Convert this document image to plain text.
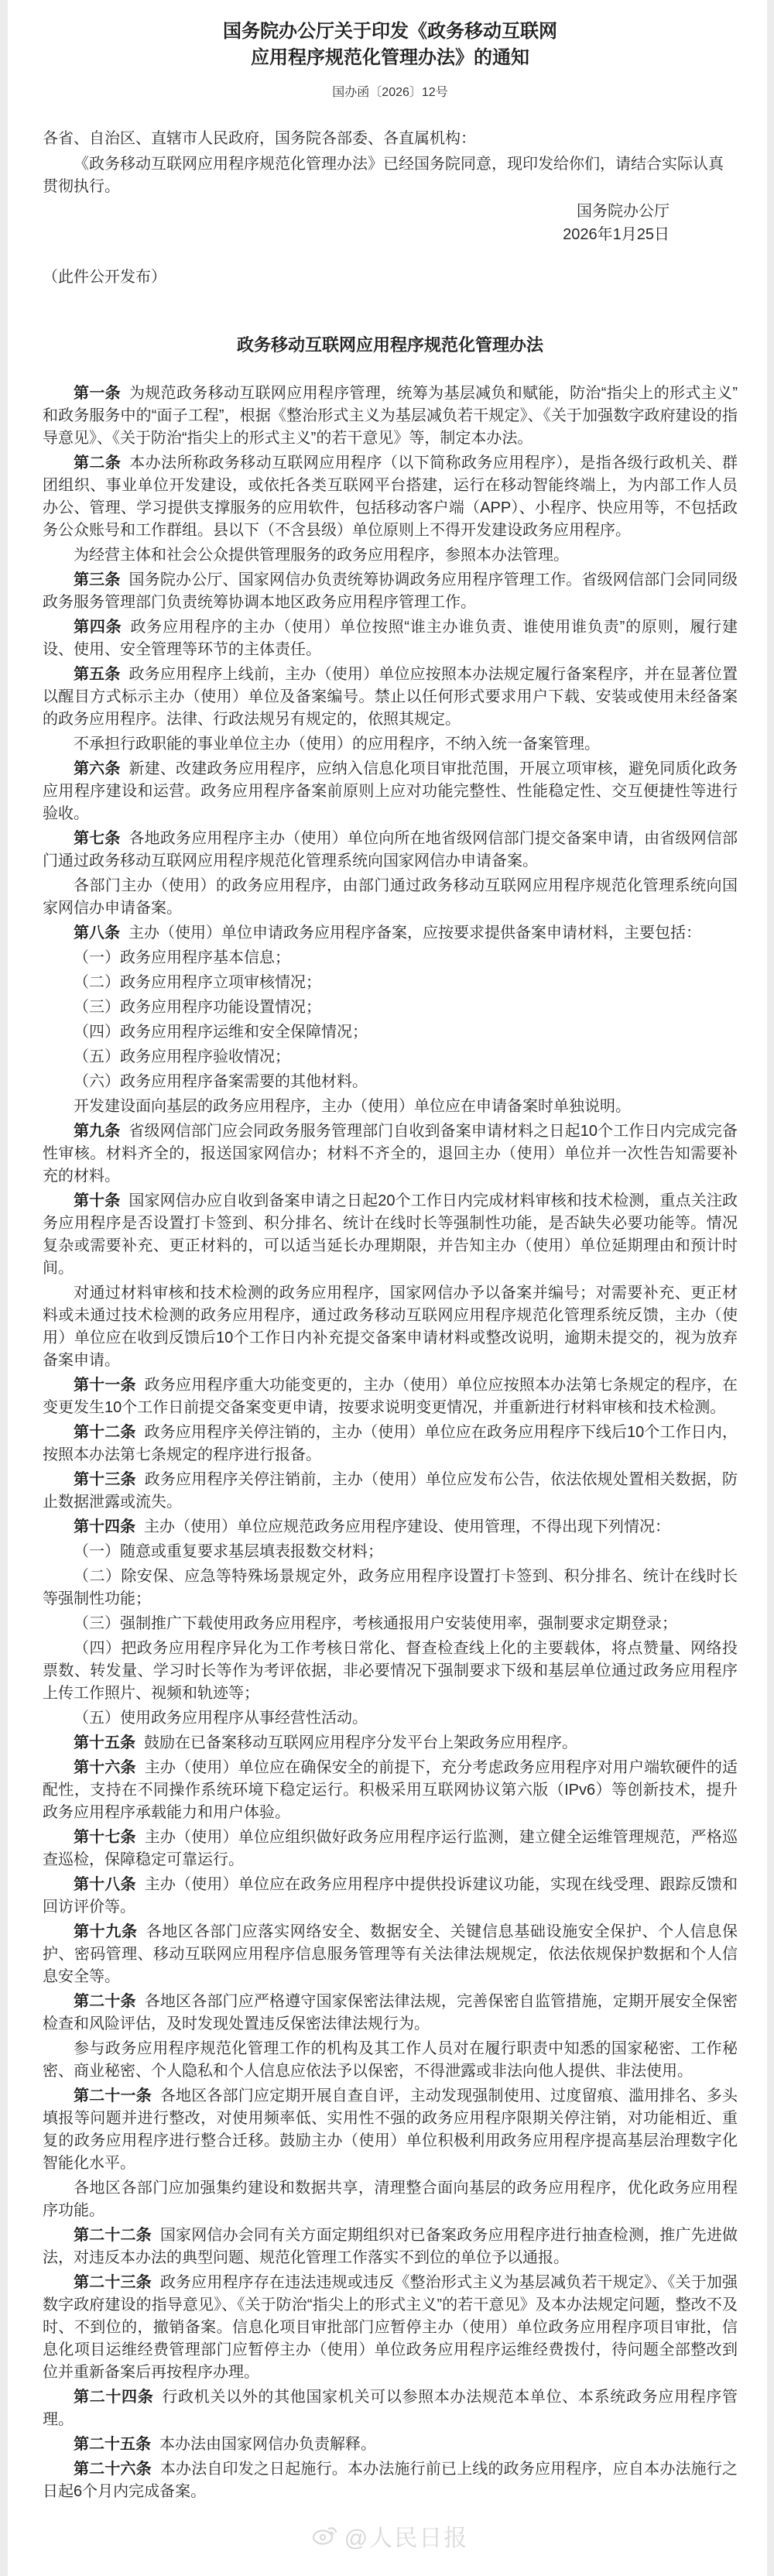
国务院办公厅关于印发《政务移动互联网
应用程序规范化管理办法》的通知
国办函〔2026〕12号
各省、自治区、直辖市人民政府，国务院各部委、各直属机构：
《政务移动互联网应用程序规范化管理办法》已经国务院同意，现印发给你们，请结合实际认真贯彻执行。
国务院办公厅
2026年1月25日
（此件公开发布）
政务移动互联网应用程序规范化管理办法

第一条 为规范政务移动互联网应用程序管理，统筹为基层减负和赋能，防治“指尖上的形式主义”和政务服务中的“面子工程”，根据《整治形式主义为基层减负若干规定》、《关于加强数字政府建设的指导意见》、《关于防治“指尖上的形式主义”的若干意见》等，制定本办法。

第二条 本办法所称政务移动互联网应用程序（以下简称政务应用程序），是指各级行政机关、群团组织、事业单位开发建设，或依托各类互联网平台搭建，运行在移动智能终端上，为内部工作人员办公、管理、学习提供支撑服务的应用软件，包括移动客户端（APP）、小程序、快应用等，不包括政务公众账号和工作群组。县以下（不含县级）单位原则上不得开发建设政务应用程序。

为经营主体和社会公众提供管理服务的政务应用程序，参照本办法管理。

第三条 国务院办公厅、国家网信办负责统筹协调政务应用程序管理工作。省级网信部门会同同级政务服务管理部门负责统筹协调本地区政务应用程序管理工作。

第四条 政务应用程序的主办（使用）单位按照“谁主办谁负责、谁使用谁负责”的原则，履行建设、使用、安全管理等环节的主体责任。

第五条 政务应用程序上线前，主办（使用）单位应按照本办法规定履行备案程序，并在显著位置以醒目方式标示主办（使用）单位及备案编号。禁止以任何形式要求用户下载、安装或使用未经备案的政务应用程序。法律、行政法规另有规定的，依照其规定。

不承担行政职能的事业单位主办（使用）的应用程序，不纳入统一备案管理。

第六条 新建、改建政务应用程序，应纳入信息化项目审批范围，开展立项审核，避免同质化政务应用程序建设和运营。政务应用程序备案前原则上应对功能完整性、性能稳定性、交互便捷性等进行验收。

第七条 各地政务应用程序主办（使用）单位向所在地省级网信部门提交备案申请，由省级网信部门通过政务移动互联网应用程序规范化管理系统向国家网信办申请备案。

各部门主办（使用）的政务应用程序，由部门通过政务移动互联网应用程序规范化管理系统向国家网信办申请备案。

第八条 主办（使用）单位申请政务应用程序备案，应按要求提供备案申请材料，主要包括：

（一）政务应用程序基本信息；

（二）政务应用程序立项审核情况；

（三）政务应用程序功能设置情况；

（四）政务应用程序运维和安全保障情况；

（五）政务应用程序验收情况；

（六）政务应用程序备案需要的其他材料。

开发建设面向基层的政务应用程序，主办（使用）单位应在申请备案时单独说明。

第九条 省级网信部门应会同政务服务管理部门自收到备案申请材料之日起10个工作日内完成完备性审核。材料齐全的，报送国家网信办；材料不齐全的，退回主办（使用）单位并一次性告知需要补充的材料。

第十条 国家网信办应自收到备案申请之日起20个工作日内完成材料审核和技术检测，重点关注政务应用程序是否设置打卡签到、积分排名、统计在线时长等强制性功能，是否缺失必要功能等。情况复杂或需要补充、更正材料的，可以适当延长办理期限，并告知主办（使用）单位延期理由和预计时间。

对通过材料审核和技术检测的政务应用程序，国家网信办予以备案并编号；对需要补充、更正材料或未通过技术检测的政务应用程序，通过政务移动互联网应用程序规范化管理系统反馈，主办（使用）单位应在收到反馈后10个工作日内补充提交备案申请材料或整改说明，逾期未提交的，视为放弃备案申请。

第十一条 政务应用程序重大功能变更的，主办（使用）单位应按照本办法第七条规定的程序，在变更发生10个工作日前提交备案变更申请，按要求说明变更情况，并重新进行材料审核和技术检测。

第十二条 政务应用程序关停注销的，主办（使用）单位应在政务应用程序下线后10个工作日内，按照本办法第七条规定的程序进行报备。

第十三条 政务应用程序关停注销前，主办（使用）单位应发布公告，依法依规处置相关数据，防止数据泄露或流失。

第十四条 主办（使用）单位应规范政务应用程序建设、使用管理，不得出现下列情况：

（一）随意或重复要求基层填表报数交材料；

（二）除安保、应急等特殊场景规定外，政务应用程序设置打卡签到、积分排名、统计在线时长等强制性功能；

（三）强制推广下载使用政务应用程序，考核通报用户安装使用率，强制要求定期登录；

（四）把政务应用程序异化为工作考核日常化、督查检查线上化的主要载体，将点赞量、网络投票数、转发量、学习时长等作为考评依据，非必要情况下强制要求下级和基层单位通过政务应用程序上传工作照片、视频和轨迹等；

（五）使用政务应用程序从事经营性活动。

第十五条 鼓励在已备案移动互联网应用程序分发平台上架政务应用程序。

第十六条 主办（使用）单位应在确保安全的前提下，充分考虑政务应用程序对用户端软硬件的适配性，支持在不同操作系统环境下稳定运行。积极采用互联网协议第六版（IPv6）等创新技术，提升政务应用程序承载能力和用户体验。

第十七条 主办（使用）单位应组织做好政务应用程序运行监测，建立健全运维管理规范，严格巡查巡检，保障稳定可靠运行。

第十八条 主办（使用）单位应在政务应用程序中提供投诉建议功能，实现在线受理、跟踪反馈和回访评价等。

第十九条 各地区各部门应落实网络安全、数据安全、关键信息基础设施安全保护、个人信息保护、密码管理、移动互联网应用程序信息服务管理等有关法律法规规定，依法依规保护数据和个人信息安全等。

第二十条 各地区各部门应严格遵守国家保密法律法规，完善保密自监管措施，定期开展安全保密检查和风险评估，及时发现处置违反保密法律法规行为。

参与政务应用程序规范化管理工作的机构及其工作人员对在履行职责中知悉的国家秘密、工作秘密、商业秘密、个人隐私和个人信息应依法予以保密，不得泄露或非法向他人提供、非法使用。

第二十一条 各地区各部门应定期开展自查自评，主动发现强制使用、过度留痕、滥用排名、多头填报等问题并进行整改，对使用频率低、实用性不强的政务应用程序限期关停注销，对功能相近、重复的政务应用程序进行整合迁移。鼓励主办（使用）单位积极利用政务应用程序提高基层治理数字化智能化水平。

各地区各部门应加强集约建设和数据共享，清理整合面向基层的政务应用程序，优化政务应用程序功能。

第二十二条 国家网信办会同有关方面定期组织对已备案政务应用程序进行抽查检测，推广先进做法，对违反本办法的典型问题、规范化管理工作落实不到位的单位予以通报。

第二十三条 政务应用程序存在违法违规或违反《整治形式主义为基层减负若干规定》、《关于加强数字政府建设的指导意见》、《关于防治“指尖上的形式主义”的若干意见》及本办法规定问题，整改不及时、不到位的，撤销备案。信息化项目审批部门应暂停主办（使用）单位政务应用程序项目审批，信息化项目运维经费管理部门应暂停主办（使用）单位政务应用程序运维经费拨付，待问题全部整改到位并重新备案后再按程序办理。

第二十四条 行政机关以外的其他国家机关可以参照本办法规范本单位、本系统政务应用程序管理。

第二十五条 本办法由国家网信办负责解释。

第二十六条 本办法自印发之日起施行。本办法施行前已上线的政务应用程序，应自本办法施行之日起6个月内完成备案。

@人民日报
